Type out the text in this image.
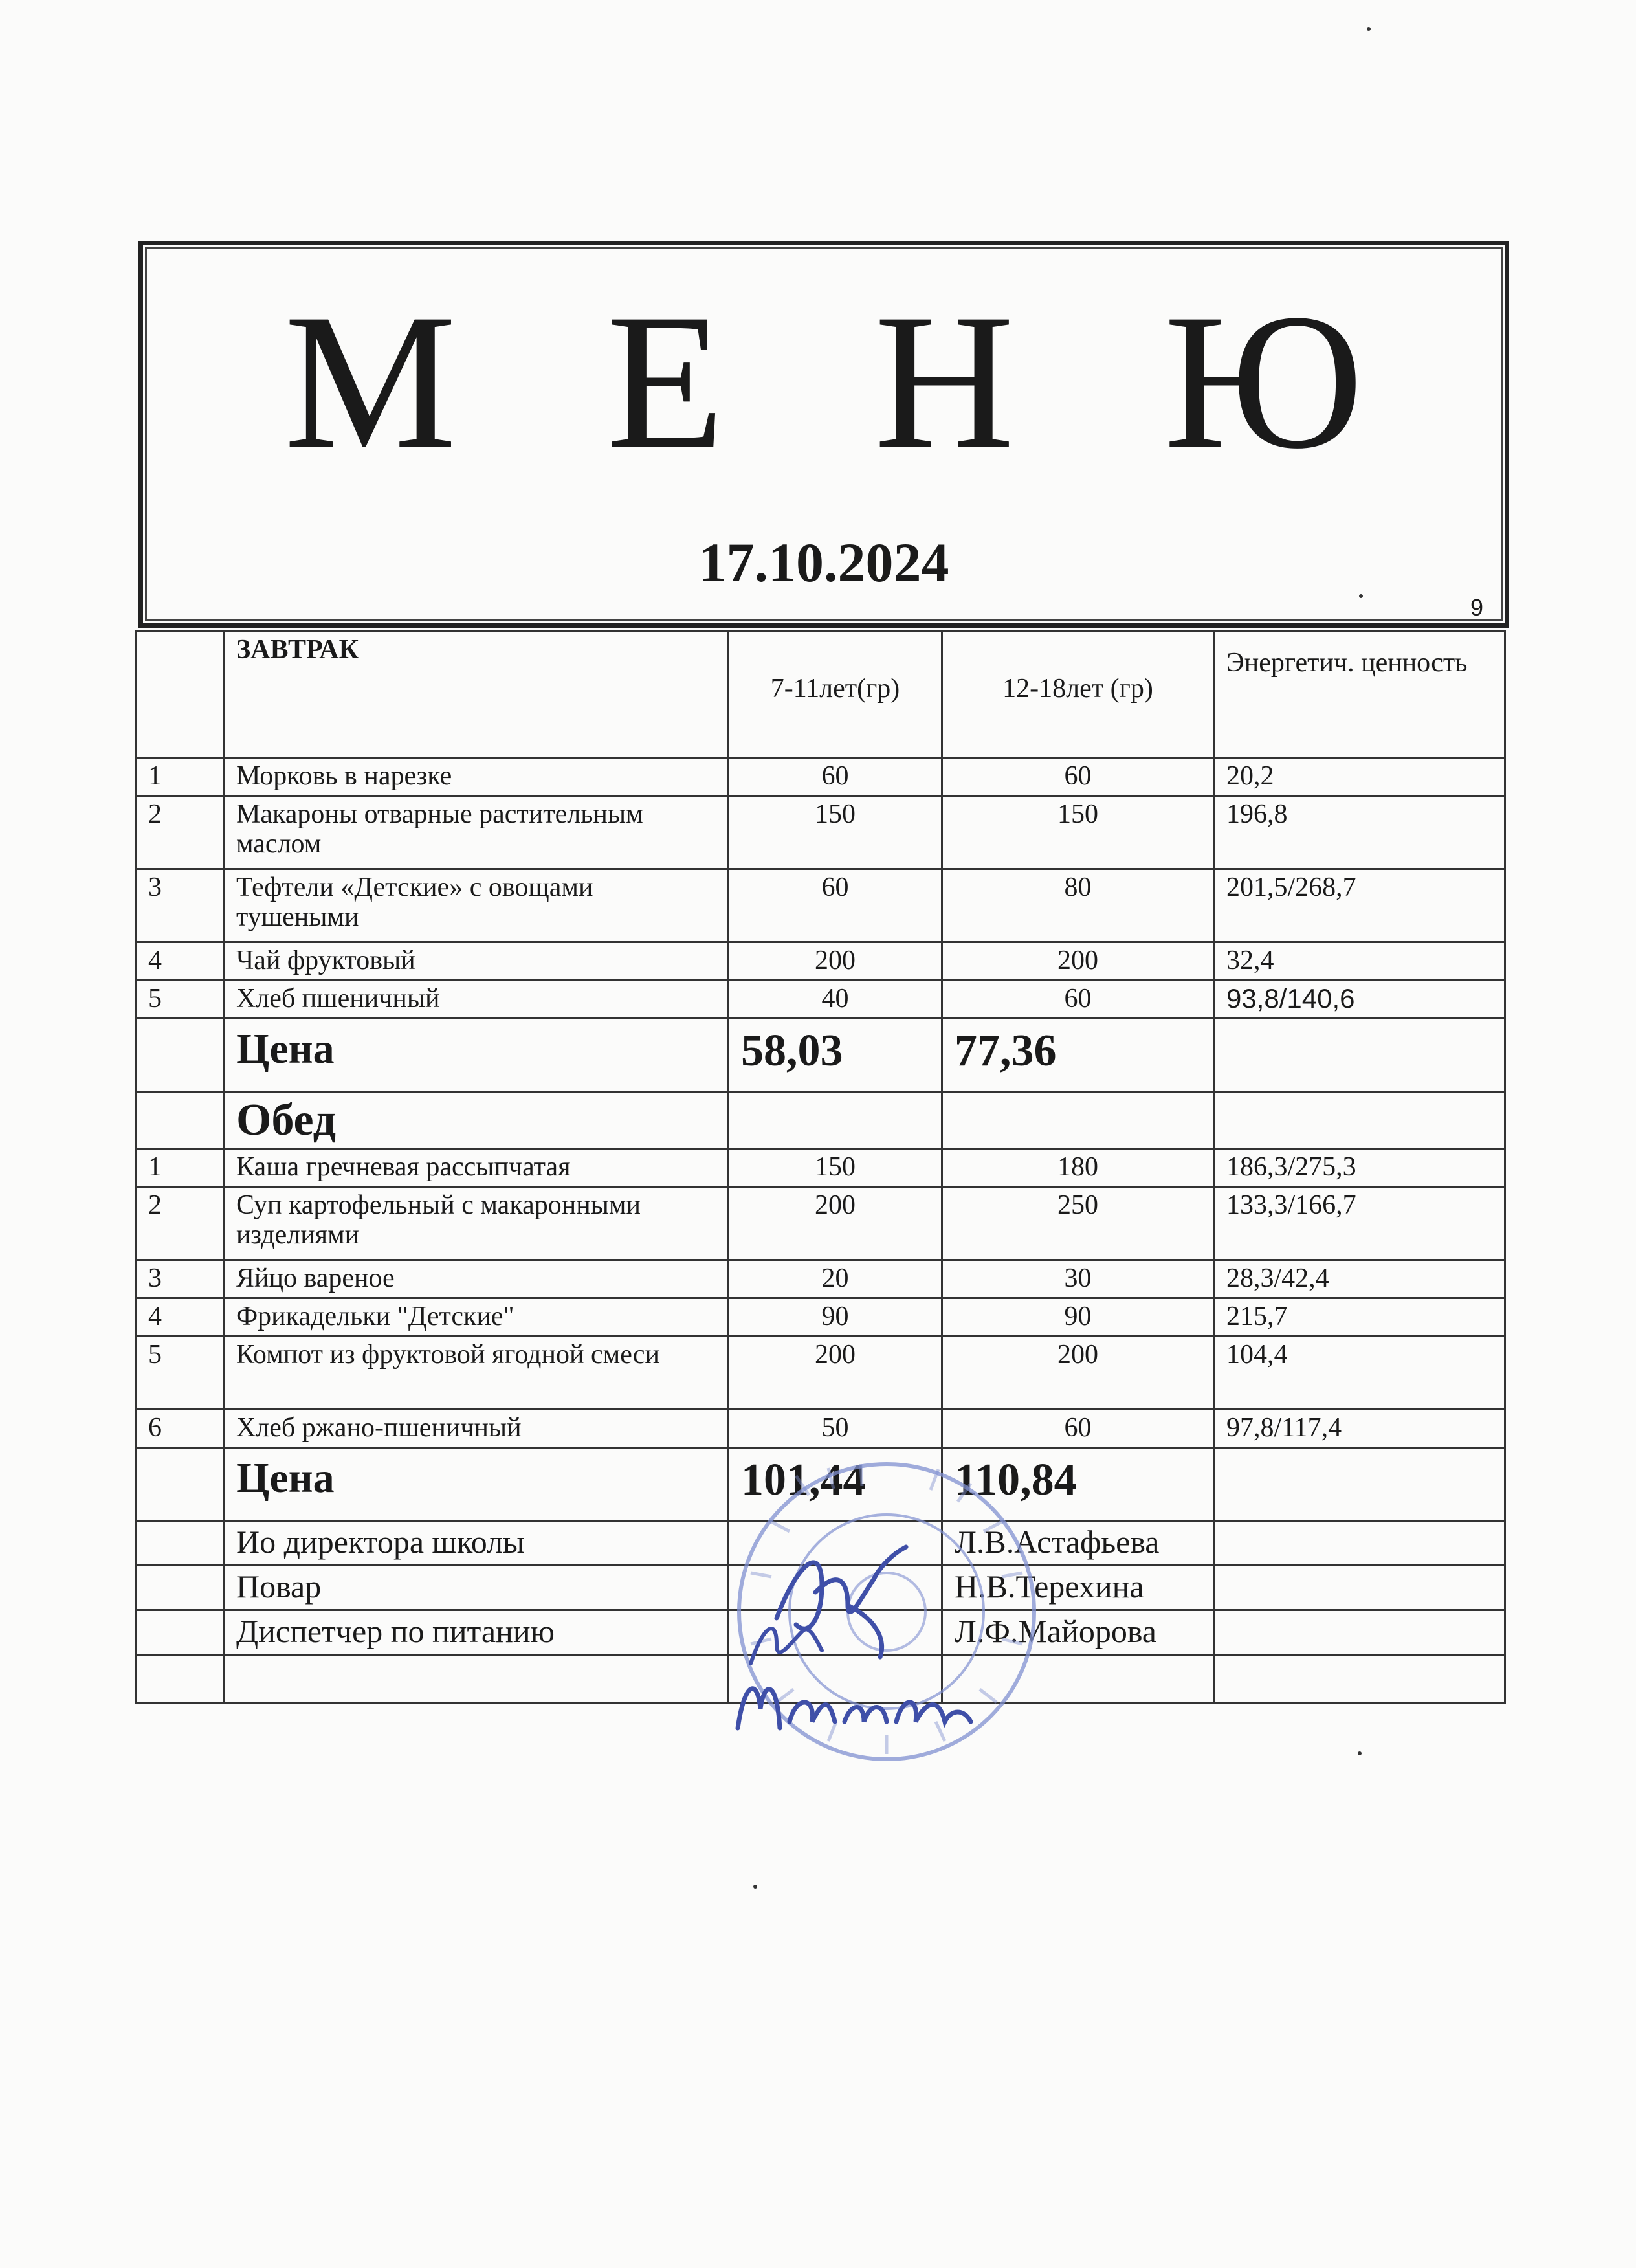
М Е Н Ю
17.10.2024
9
	ЗАВТРАК	7-11лет(гр)	12-18лет (гр)	Энергетич. ценность
1	Морковь в нарезке	60	60	20,2
2	Макароны отварные растительным маслом	150	150	196,8
3	Тефтели «Детские» с овощами тушеными	60	80	201,5/268,7
4	Чай фруктовый	200	200	32,4
5	Хлеб пшеничный	40	60	93,8/140,6
	Цена	58,03	77,36	
	Обед			
1	Каша гречневая рассыпчатая	150	180	186,3/275,3
2	Суп картофельный с макаронными изделиями	200	250	133,3/166,7
3	Яйцо вареное	20	30	28,3/42,4
4	Фрикадельки "Детские"	90	90	215,7
5	Компот из фруктовой ягодной смеси	200	200	104,4
6	Хлеб ржано-пшеничный	50	60	97,8/117,4
	Цена	101,44	110,84	
	Ио директора школы		Л.В.Астафьева	
	Повар		Н.В.Терехина	
	Диспетчер по питанию		Л.Ф.Майорова	
